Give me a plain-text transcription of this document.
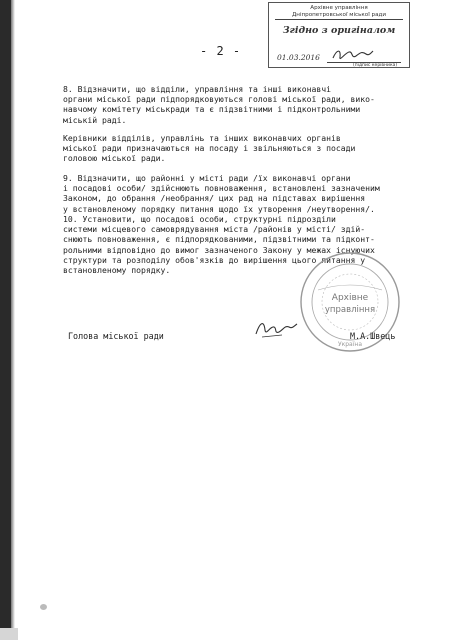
- 2 -
Архівне управління
Дніпропетровської міської ради
Згідно з оригіналом
01.03.2016
(підпис керівника)
8. Відзначити, що відділи, управління та інші виконавчі
органи міської ради підпорядковуються голові міської ради, вико-
навчому комітету міськради та є підзвітними і підконтрольними
міській раді.
Керівники відділів, управлінь та інших виконавчих органів
міської ради призначаються на посаду і звільняються з посади
головою міської ради.
9. Відзначити, що районні у місті ради /їх виконавчі органи
і посадові особи/ здійснюють повноваження, встановлені зазначеним
Законом, до обрання /необрання/ цих рад на підставах вирішення
у встановленому порядку питання щодо їх утворення /неутворення/.
10. Установити, що посадові особи, структурні підрозділи
системи місцевого самоврядування міста /районів у місті/ здій-
снюють повноваження, є підпорядкованими, підзвітними та підконт-
рольними відповідно до вимог зазначеного Закону у межах існуючих
структури та розподілу обов'язків до вирішення цього питання у
встановленому порядку.
Архівне
управління
Україна
Голова міської ради	М.А.Швець
